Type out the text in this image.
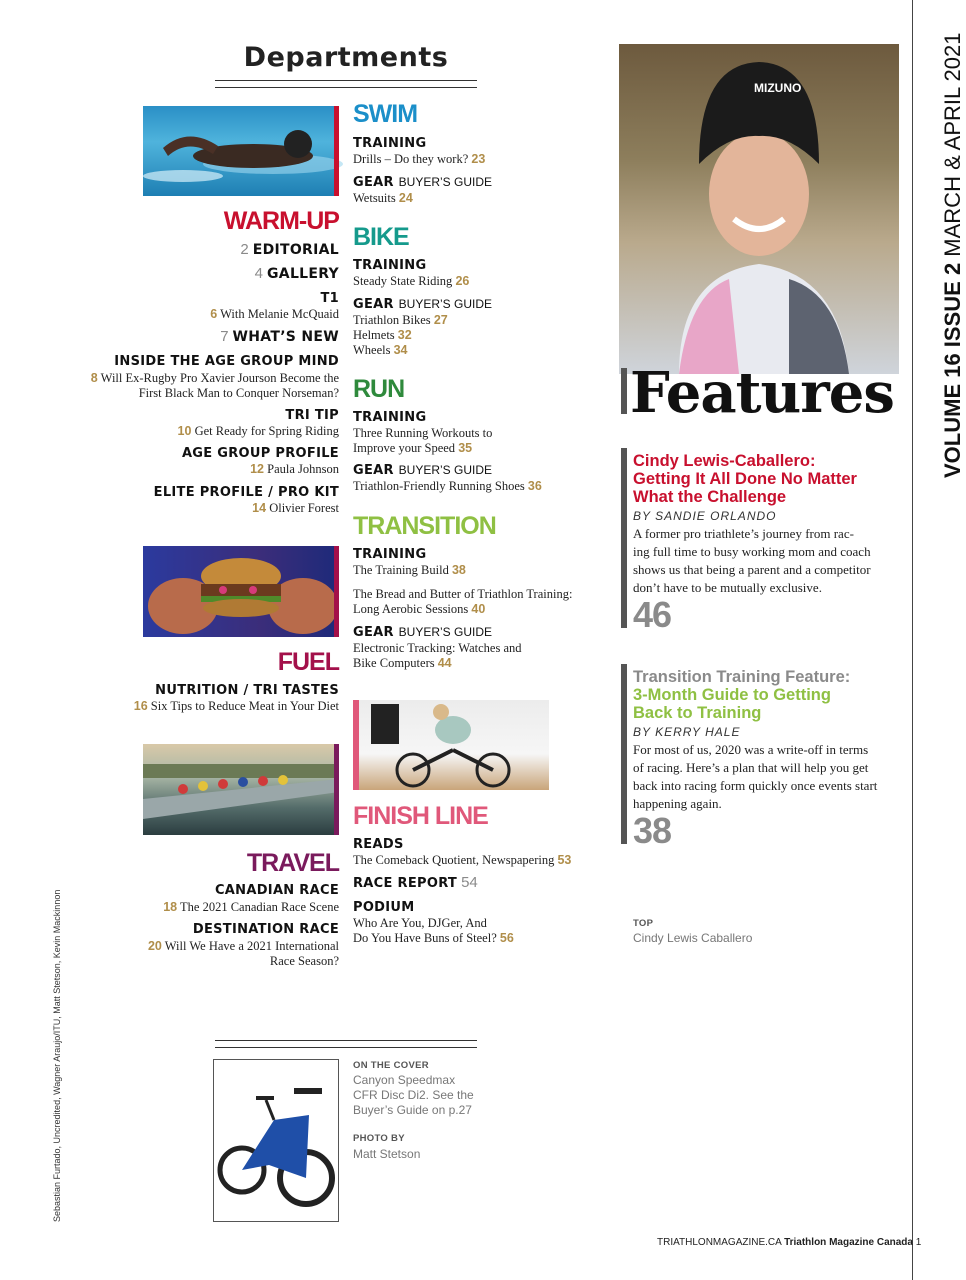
Departments
WARM-UP
2 EDITORIAL
4 GALLERY
T1
6 With Melanie McQuaid
7 WHAT’S NEW
INSIDE THE AGE GROUP MIND
8 Will Ex-Rugby Pro Xavier Jourson Become the
First Black Man to Conquer Norseman?
TRI TIP
10 Get Ready for Spring Riding
AGE GROUP PROFILE
12 Paula Johnson
ELITE PROFILE / PRO KIT
14 Olivier Forest
FUEL
NUTRITION / TRI TASTES
16 Six Tips to Reduce Meat in Your Diet
TRAVEL
CANADIAN RACE
18 The 2021 Canadian Race Scene
DESTINATION RACE
20 Will We Have a 2021 International
Race Season?
SWIM
TRAINING
Drills – Do they work? 23
GEAR BUYER’S GUIDE
Wetsuits 24
BIKE
TRAINING
Steady State Riding 26
GEAR BUYER’S GUIDE
Triathlon Bikes 27
Helmets 32
Wheels 34
RUN
TRAINING
Three Running Workouts to
Improve your Speed 35
GEAR BUYER’S GUIDE
Triathlon-Friendly Running Shoes 36
TRANSITION
TRAINING
The Training Build 38
The Bread and Butter of Triathlon Training:
Long Aerobic Sessions 40
GEAR BUYER’S GUIDE
Electronic Tracking: Watches and
Bike Computers 44
FINISH LINE
READS
The Comeback Quotient, Newspapering 53
RACE REPORT 54
PODIUM
Who Are You, DJGer, And
Do You Have Buns of Steel? 56
MIZUNO
Features
Cindy Lewis-Caballero:
Getting It All Done No Matter
What the Challenge
BY SANDIE ORLANDO
A former pro triathlete’s journey from rac-
ing full time to busy working mom and coach
shows us that being a parent and a competitor
don’t have to be mutually exclusive.
46
Transition Training Feature:
3-Month Guide to Getting
Back to Training
BY KERRY HALE
For most of us, 2020 was a write-off in terms
of racing. Here’s a plan that will help you get
back into racing form quickly once events start
happening again.
38
TOP
Cindy Lewis Caballero
ON THE COVER
Canyon Speedmax
CFR Disc Di2. See the
Buyer’s Guide on p.27
PHOTO BY
Matt Stetson
VOLUME 16 ISSUE 2 MARCH & APRIL 2021
Sebastian Furtado, Uncredited, Wagner Araujo/ITU, Matt Stetson, Kevin Mackinnon
TRIATHLONMAGAZINE.CA Triathlon Magazine Canada 1
